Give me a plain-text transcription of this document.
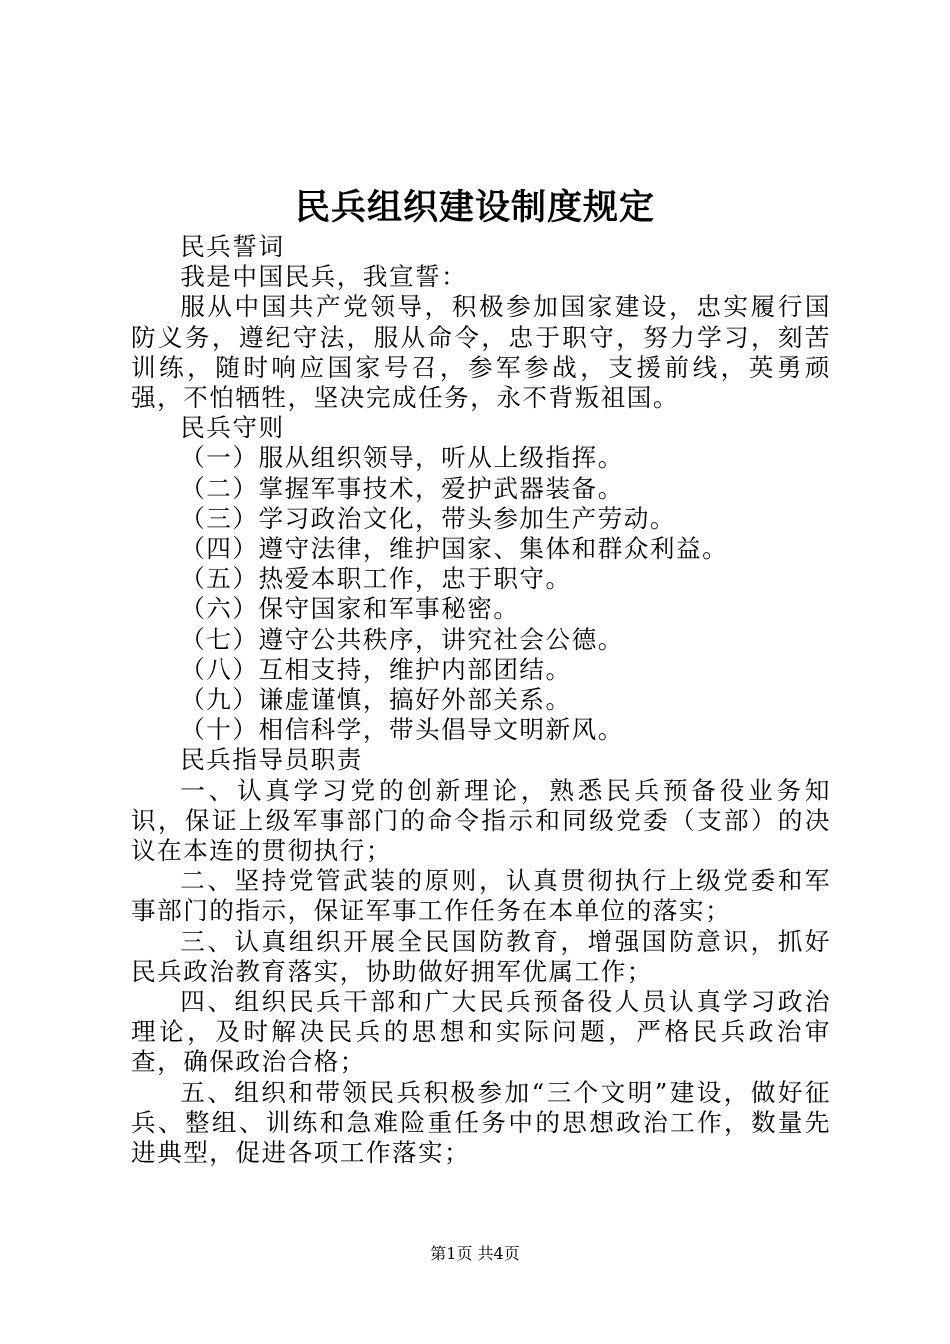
民兵组织建设制度规定

民兵誓词

我是中国民兵，我宣誓：

服从中国共产党领导，积极参加国家建设，忠实履行国防义务，遵纪守法，服从命令，忠于职守，努力学习，刻苦训练，随时响应国家号召，参军参战，支援前线，英勇顽强，不怕牺牲，坚决完成任务，永不背叛祖国。

民兵守则

（一）服从组织领导，听从上级指挥。

（二）掌握军事技术，爱护武器装备。

（三）学习政治文化，带头参加生产劳动。

（四）遵守法律，维护国家、集体和群众利益。

（五）热爱本职工作，忠于职守。

（六）保守国家和军事秘密。

（七）遵守公共秩序，讲究社会公德。

（八）互相支持，维护内部团结。

（九）谦虚谨慎，搞好外部关系。

（十）相信科学，带头倡导文明新风。

民兵指导员职责

一、认真学习党的创新理论，熟悉民兵预备役业务知识，保证上级军事部门的命令指示和同级党委（支部）的决议在本连的贯彻执行；

二、坚持党管武装的原则，认真贯彻执行上级党委和军事部门的指示，保证军事工作任务在本单位的落实；

三、认真组织开展全民国防教育，增强国防意识，抓好民兵政治教育落实，协助做好拥军优属工作；

四、组织民兵干部和广大民兵预备役人员认真学习政治理论，及时解决民兵的思想和实际问题，严格民兵政治审查，确保政治合格；

五、组织和带领民兵积极参加“三个文明”建设，做好征兵、整组、训练和急难险重任务中的思想政治工作，数量先进典型，促进各项工作落实；

第1页 共4页
